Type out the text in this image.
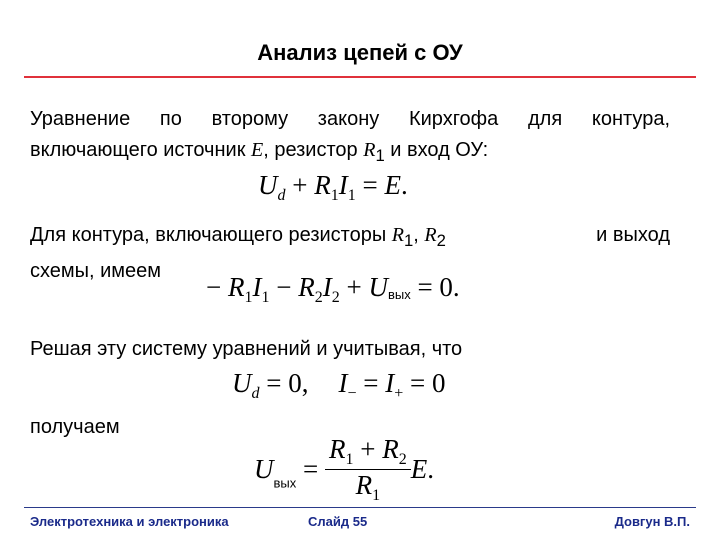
Анализ цепей с ОУ
Уравнение по второму закону Кирхгофа для контура,
включающего источник E, резистор $R_1$ и вход ОУ:
$U_d + R_1I_1 = E$.
Для контура, включающего резисторы $R_1$, $R_2$	и выход
схемы, имеем
− $R_1I_1 - R_2I_2$ + Uвых = 0.
Решая эту систему уравнений и учитывая, что
$U_d = 0$, $I_- = I_+ = 0$
получаем
$U_{вых} = \frac{R_1 + R_2}{R_1} E$.
Электротехника и электроника	Слайд 55	Довгун В.П.
